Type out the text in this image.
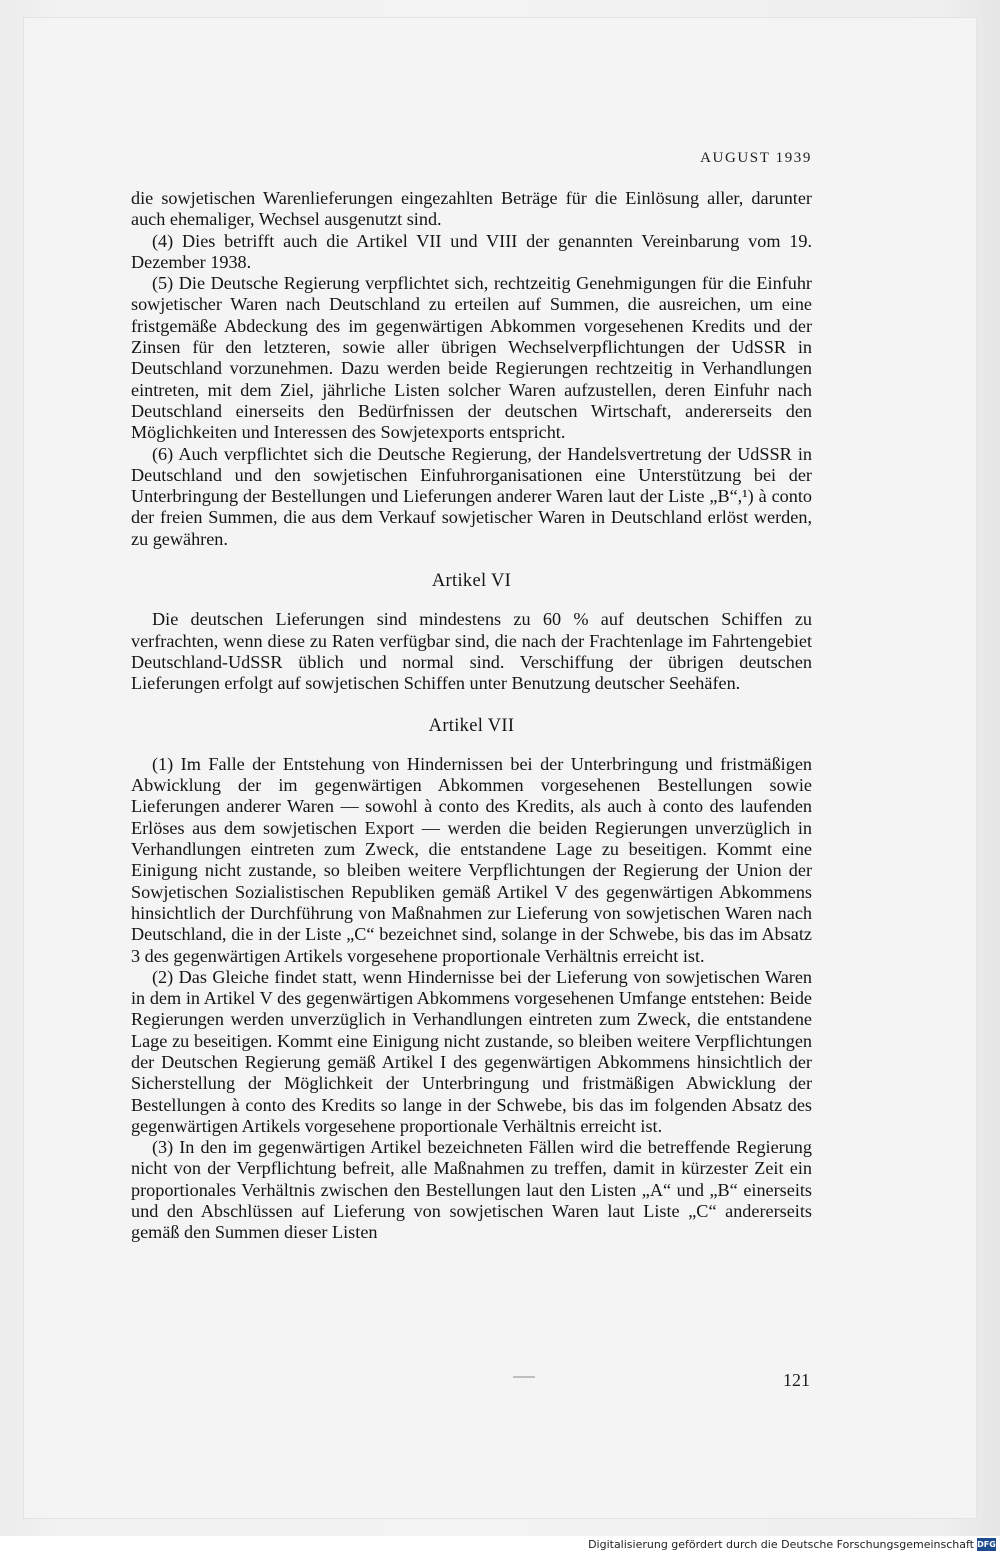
AUGUST 1939

die sowjetischen Warenlieferungen eingezahlten Beträge für die Einlösung aller, darunter auch ehemaliger, Wechsel ausgenutzt sind.

(4) Dies betrifft auch die Artikel VII und VIII der genannten Vereinbarung vom 19. Dezember 1938.

(5) Die Deutsche Regierung verpflichtet sich, rechtzeitig Genehmigungen für die Einfuhr sowjetischer Waren nach Deutschland zu erteilen auf Summen, die ausreichen, um eine fristgemäße Abdeckung des im gegenwärtigen Abkommen vorgesehenen Kredits und der Zinsen für den letzteren, sowie aller übrigen Wechselverpflichtungen der UdSSR in Deutschland vorzunehmen. Dazu werden beide Regierungen rechtzeitig in Verhandlungen eintreten, mit dem Ziel, jährliche Listen solcher Waren aufzustellen, deren Einfuhr nach Deutschland einerseits den Bedürfnissen der deutschen Wirtschaft, andererseits den Möglichkeiten und Interessen des Sowjetexports entspricht.

(6) Auch verpflichtet sich die Deutsche Regierung, der Handelsvertretung der UdSSR in Deutschland und den sowjetischen Einfuhrorganisationen eine Unterstützung bei der Unterbringung der Bestellungen und Lieferungen anderer Waren laut der Liste „B“,¹) à conto der freien Summen, die aus dem Verkauf sowjetischer Waren in Deutschland erlöst werden, zu gewähren.

Artikel VI

Die deutschen Lieferungen sind mindestens zu 60 % auf deutschen Schiffen zu verfrachten, wenn diese zu Raten verfügbar sind, die nach der Frachtenlage im Fahrtengebiet Deutschland-UdSSR üblich und normal sind. Verschiffung der übrigen deutschen Lieferungen erfolgt auf sowjetischen Schiffen unter Benutzung deutscher Seehäfen.

Artikel VII

(1) Im Falle der Entstehung von Hindernissen bei der Unterbringung und fristmäßigen Abwicklung der im gegenwärtigen Abkommen vorgesehenen Bestellungen sowie Lieferungen anderer Waren — sowohl à conto des Kredits, als auch à conto des laufenden Erlöses aus dem sowjetischen Export — werden die beiden Regierungen unverzüglich in Verhandlungen eintreten zum Zweck, die entstandene Lage zu beseitigen. Kommt eine Einigung nicht zustande, so bleiben weitere Verpflichtungen der Regierung der Union der Sowjetischen Sozialistischen Republiken gemäß Artikel V des gegenwärtigen Abkommens hinsichtlich der Durchführung von Maßnahmen zur Lieferung von sowjetischen Waren nach Deutschland, die in der Liste „C“ bezeichnet sind, solange in der Schwebe, bis das im Absatz 3 des gegenwärtigen Artikels vorgesehene proportionale Verhältnis erreicht ist.

(2) Das Gleiche findet statt, wenn Hindernisse bei der Lieferung von sowjetischen Waren in dem in Artikel V des gegenwärtigen Abkommens vorgesehenen Umfange entstehen: Beide Regierungen werden unverzüglich in Verhandlungen eintreten zum Zweck, die entstandene Lage zu beseitigen. Kommt eine Einigung nicht zustande, so bleiben weitere Verpflichtungen der Deutschen Regierung gemäß Artikel I des gegenwärtigen Abkommens hinsichtlich der Sicherstellung der Möglichkeit der Unterbringung und fristmäßigen Abwicklung der Bestellungen à conto des Kredits so lange in der Schwebe, bis das im folgenden Absatz des gegenwärtigen Artikels vorgesehene proportionale Verhältnis erreicht ist.

(3) In den im gegenwärtigen Artikel bezeichneten Fällen wird die betreffende Regierung nicht von der Verpflichtung befreit, alle Maßnahmen zu treffen, damit in kürzester Zeit ein proportionales Verhältnis zwischen den Bestellungen laut den Listen „A“ und „B“ einerseits und den Abschlüssen auf Lieferung von sowjetischen Waren laut Liste „C“ andererseits gemäß den Summen dieser Listen

121
Digitalisierung gefördert durch die Deutsche Forschungsgemeinschaft DFG
